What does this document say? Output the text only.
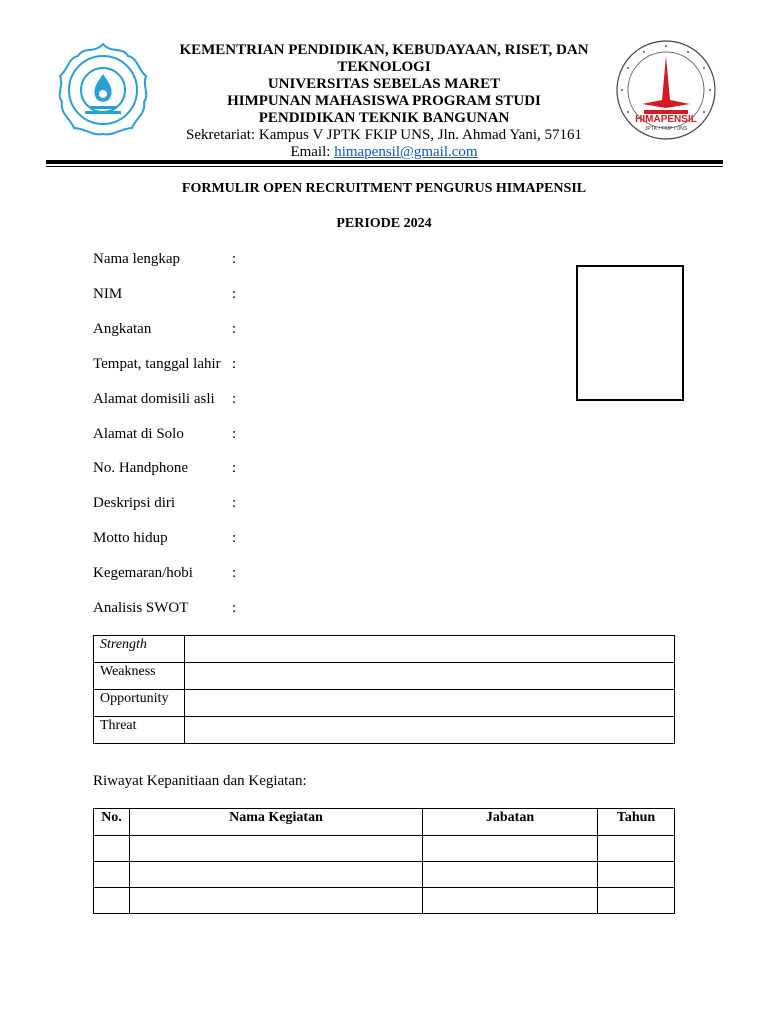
HIMAPENSIL
JPTK / FKIP / UNS
KEMENTRIAN PENDIDIKAN, KEBUDAYAAN, RISET, DAN TEKNOLOGI
UNIVERSITAS SEBELAS MARET
HIMPUNAN MAHASISWA PROGRAM STUDI
PENDIDIKAN TEKNIK BANGUNAN
Sekretariat: Kampus V JPTK FKIP UNS, Jln. Ahmad Yani, 57161
Email: himapensil@gmail.com
FORMULIR OPEN RECRUITMENT PENGURUS HIMAPENSIL
PERIODE 2024
Nama lengkap	:
NIM	:
Angkatan	:
Tempat, tanggal lahir :
Alamat domisili asli :
Alamat di Solo	:
No. Handphone	:
Deskripsi diri	:
Motto hidup	:
Kegemaran/hobi	:
Analisis SWOT	:
Strength	
Weakness	
Opportunity	
Threat	
Riwayat Kepanitiaan dan Kegiatan:
No.	Nama Kegiatan	Jabatan	Tahun
